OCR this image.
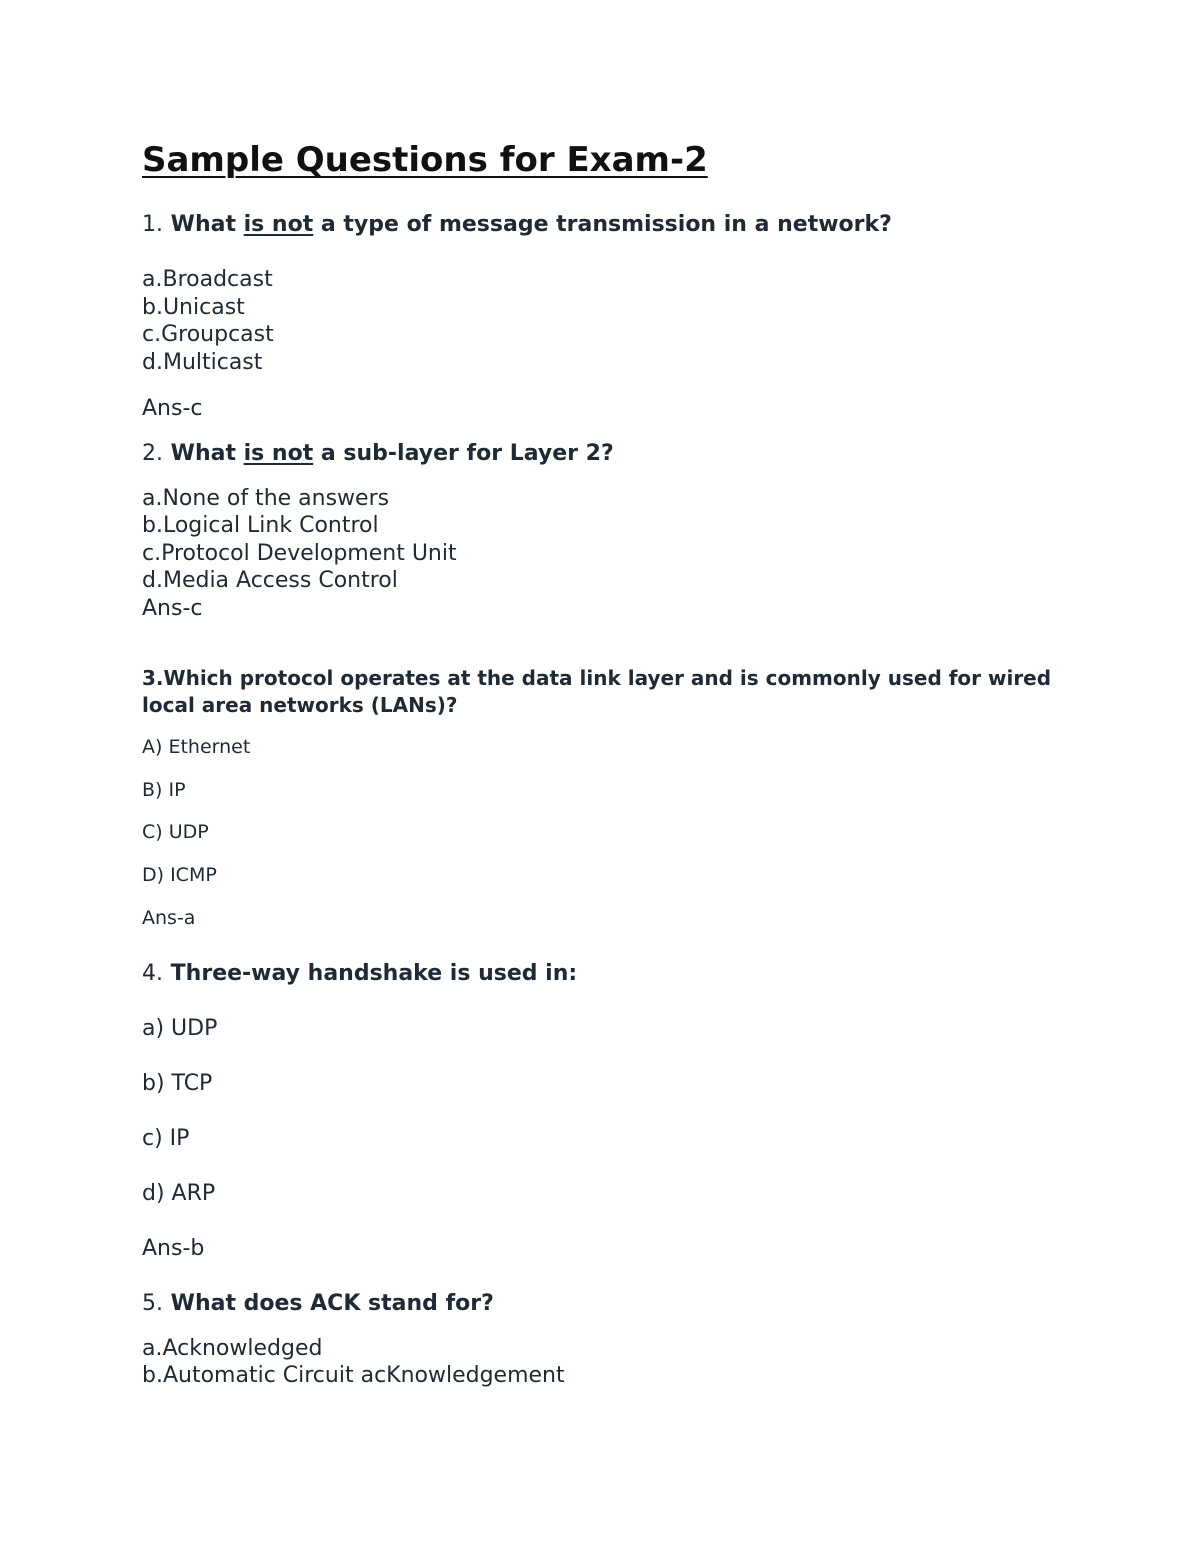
Sample Questions for Exam-2
1. What is not a type of message transmission in a network?
a.Broadcast
b.Unicast
c.Groupcast
d.Multicast
Ans-c
2. What is not a sub-layer for Layer 2?
a.None of the answers
b.Logical Link Control
c.Protocol Development Unit
d.Media Access Control
Ans-c
3.Which protocol operates at the data link layer and is commonly used for wired local area networks (LANs)?
A) Ethernet
B) IP
C) UDP
D) ICMP
Ans-a
4. Three-way handshake is used in:
a) UDP
b) TCP
c) IP
d) ARP
Ans-b
5. What does ACK stand for?
a.Acknowledged
b.Automatic Circuit acKnowledgement
